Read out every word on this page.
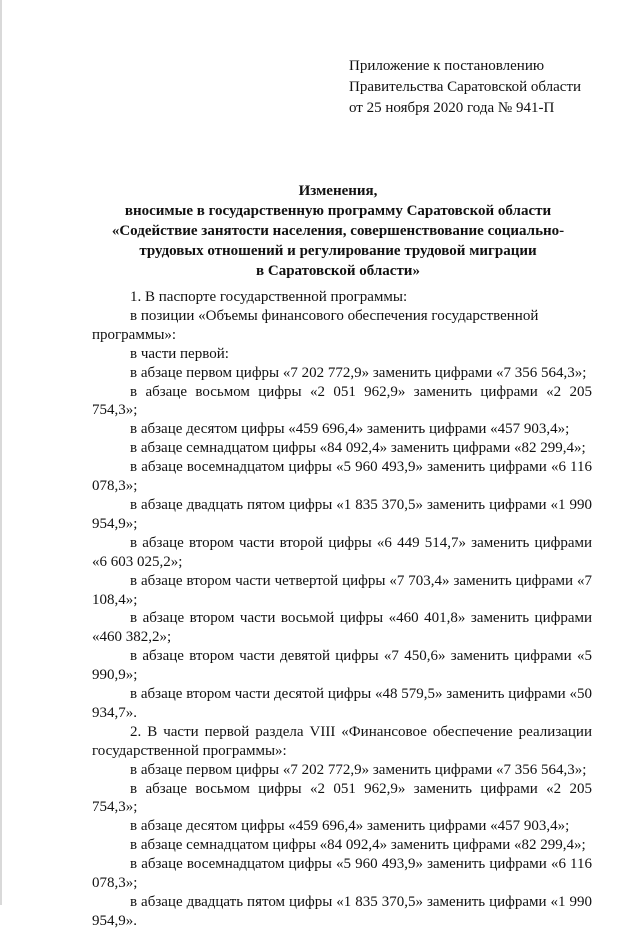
Приложение к постановлению
Правительства Саратовской области
от 25 ноября 2020 года № 941-П
Изменения,
вносимые в государственную программу Саратовской области
«Содействие занятости населения, совершенствование социально-
трудовых отношений и регулирование трудовой миграции
в Саратовской области»

1. В паспорте государственной программы:

в позиции «Объемы финансового обеспечения государственной программы»:

в части первой:

в абзаце первом цифры «7 202 772,9» заменить цифрами «7 356 564,3»;

в абзаце восьмом цифры «2 051 962,9» заменить цифрами «2 205 754,3»;

в абзаце десятом цифры «459 696,4» заменить цифрами «457 903,4»;

в абзаце семнадцатом цифры «84 092,4» заменить цифрами «82 299,4»;

в абзаце восемнадцатом цифры «5 960 493,9» заменить цифрами «6 116 078,3»;

в абзаце двадцать пятом цифры «1 835 370,5» заменить цифрами «1 990 954,9»;

в абзаце втором части второй цифры «6 449 514,7» заменить цифрами «6 603 025,2»;

в абзаце втором части четвертой цифры «7 703,4» заменить цифрами «7 108,4»;

в абзаце втором части восьмой цифры «460 401,8» заменить цифрами «460 382,2»;

в абзаце втором части девятой цифры «7 450,6» заменить цифрами «5 990,9»;

в абзаце втором части десятой цифры «48 579,5» заменить цифрами «50 934,7».

2. В части первой раздела VIII «Финансовое обеспечение реализации государственной программы»:

в абзаце первом цифры «7 202 772,9» заменить цифрами «7 356 564,3»;

в абзаце восьмом цифры «2 051 962,9» заменить цифрами «2 205 754,3»;

в абзаце десятом цифры «459 696,4» заменить цифрами «457 903,4»;

в абзаце семнадцатом цифры «84 092,4» заменить цифрами «82 299,4»;

в абзаце восемнадцатом цифры «5 960 493,9» заменить цифрами «6 116 078,3»;

в абзаце двадцать пятом цифры «1 835 370,5» заменить цифрами «1 990 954,9».
